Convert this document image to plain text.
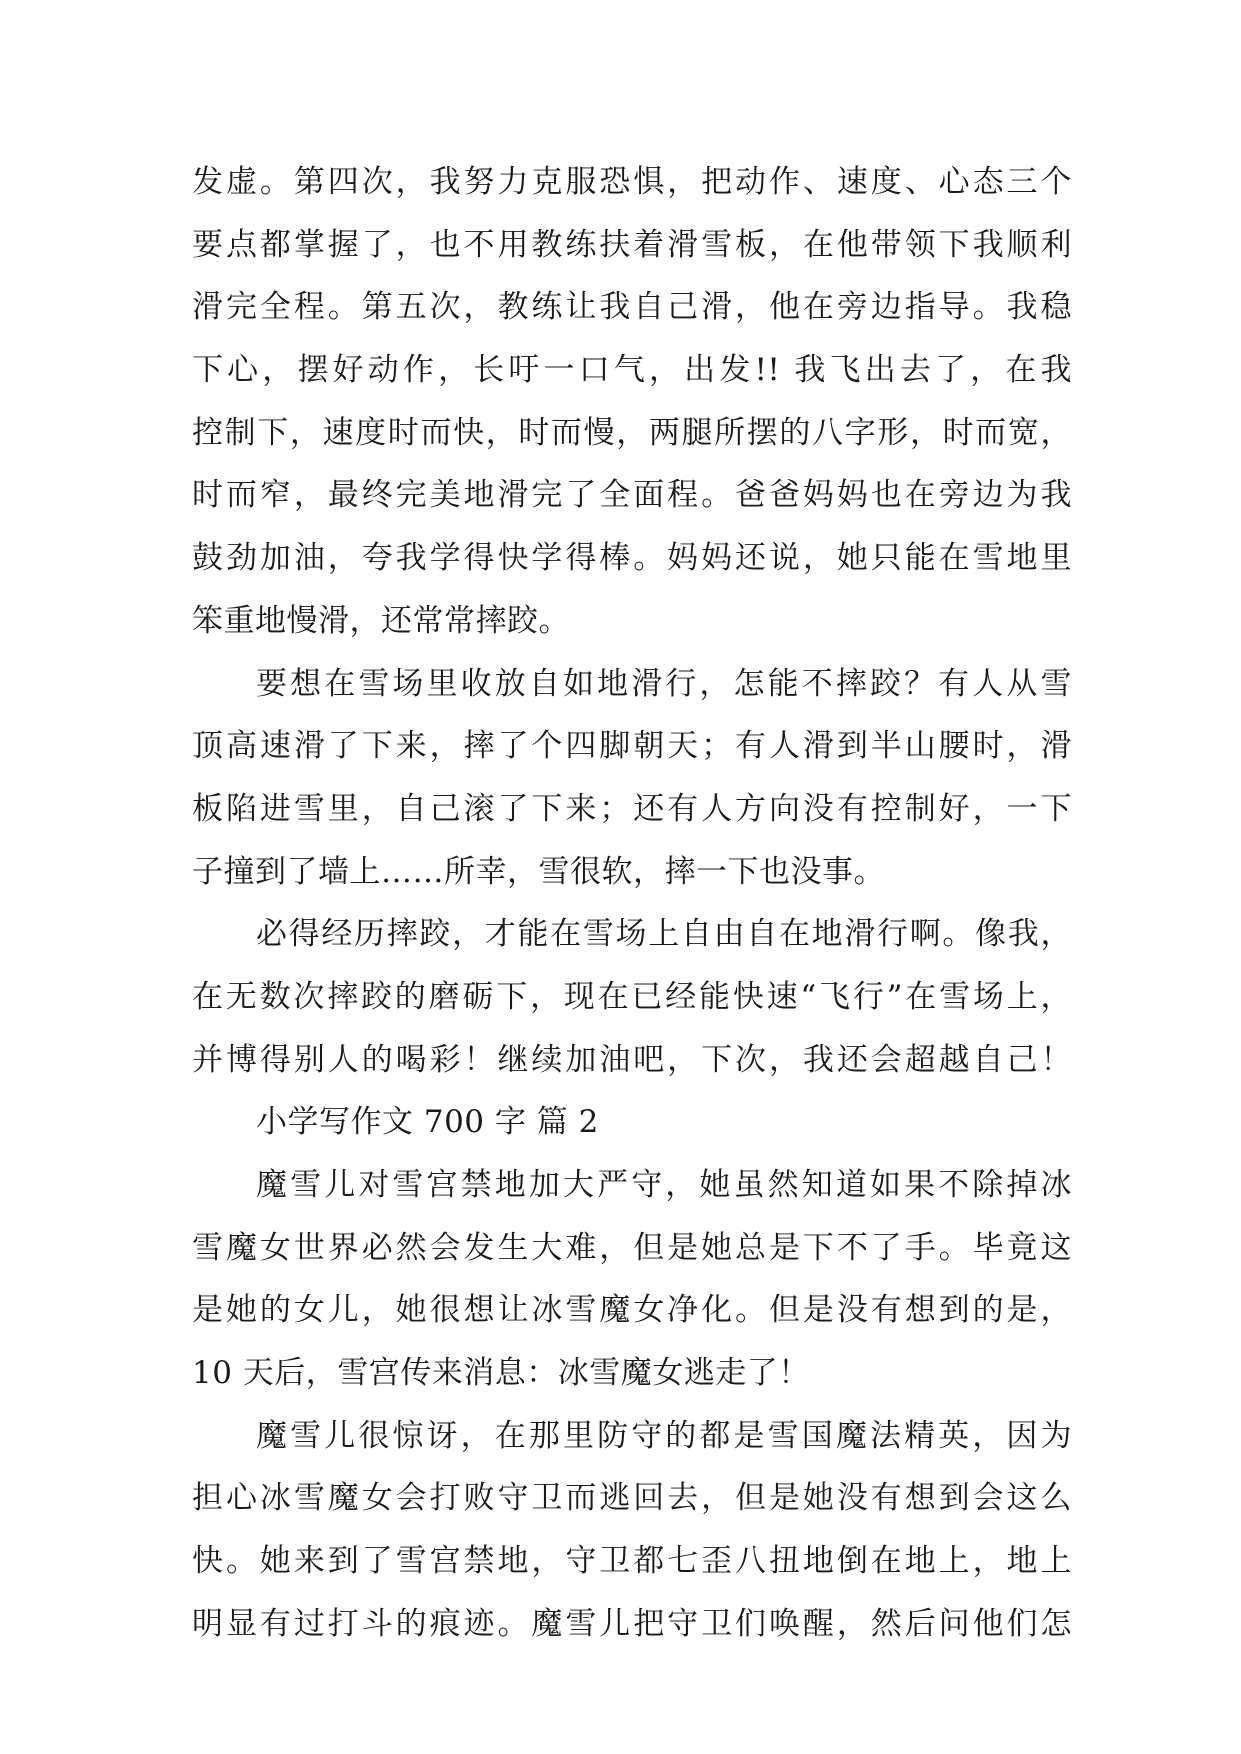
发虚。第四次，我努力克服恐惧，把动作、速度、心态三个
要点都掌握了，也不用教练扶着滑雪板，在他带领下我顺利
滑完全程。第五次，教练让我自己滑，他在旁边指导。我稳
下心，摆好动作，长吁一口气，出发!! 我飞出去了，在我
控制下，速度时而快，时而慢，两腿所摆的八字形，时而宽，
时而窄，最终完美地滑完了全面程。爸爸妈妈也在旁边为我
鼓劲加油，夸我学得快学得棒。妈妈还说，她只能在雪地里
笨重地慢滑，还常常摔跤。
要想在雪场里收放自如地滑行，怎能不摔跤？有人从雪
顶高速滑了下来，摔了个四脚朝天；有人滑到半山腰时，滑
板陷进雪里，自己滚了下来；还有人方向没有控制好，一下
子撞到了墙上……所幸，雪很软，摔一下也没事。
必得经历摔跤，才能在雪场上自由自在地滑行啊。像我，
在无数次摔跤的磨砺下，现在已经能快速“飞行”在雪场上，
并博得别人的喝彩！继续加油吧，下次，我还会超越自己！
小学写作文 700 字 篇 2
魔雪儿对雪宫禁地加大严守，她虽然知道如果不除掉冰
雪魔女世界必然会发生大难，但是她总是下不了手。毕竟这
是她的女儿，她很想让冰雪魔女净化。但是没有想到的是，
10 天后，雪宫传来消息：冰雪魔女逃走了！
魔雪儿很惊讶，在那里防守的都是雪国魔法精英，因为
担心冰雪魔女会打败守卫而逃回去，但是她没有想到会这么
快。她来到了雪宫禁地，守卫都七歪八扭地倒在地上，地上
明显有过打斗的痕迹。魔雪儿把守卫们唤醒，然后问他们怎
